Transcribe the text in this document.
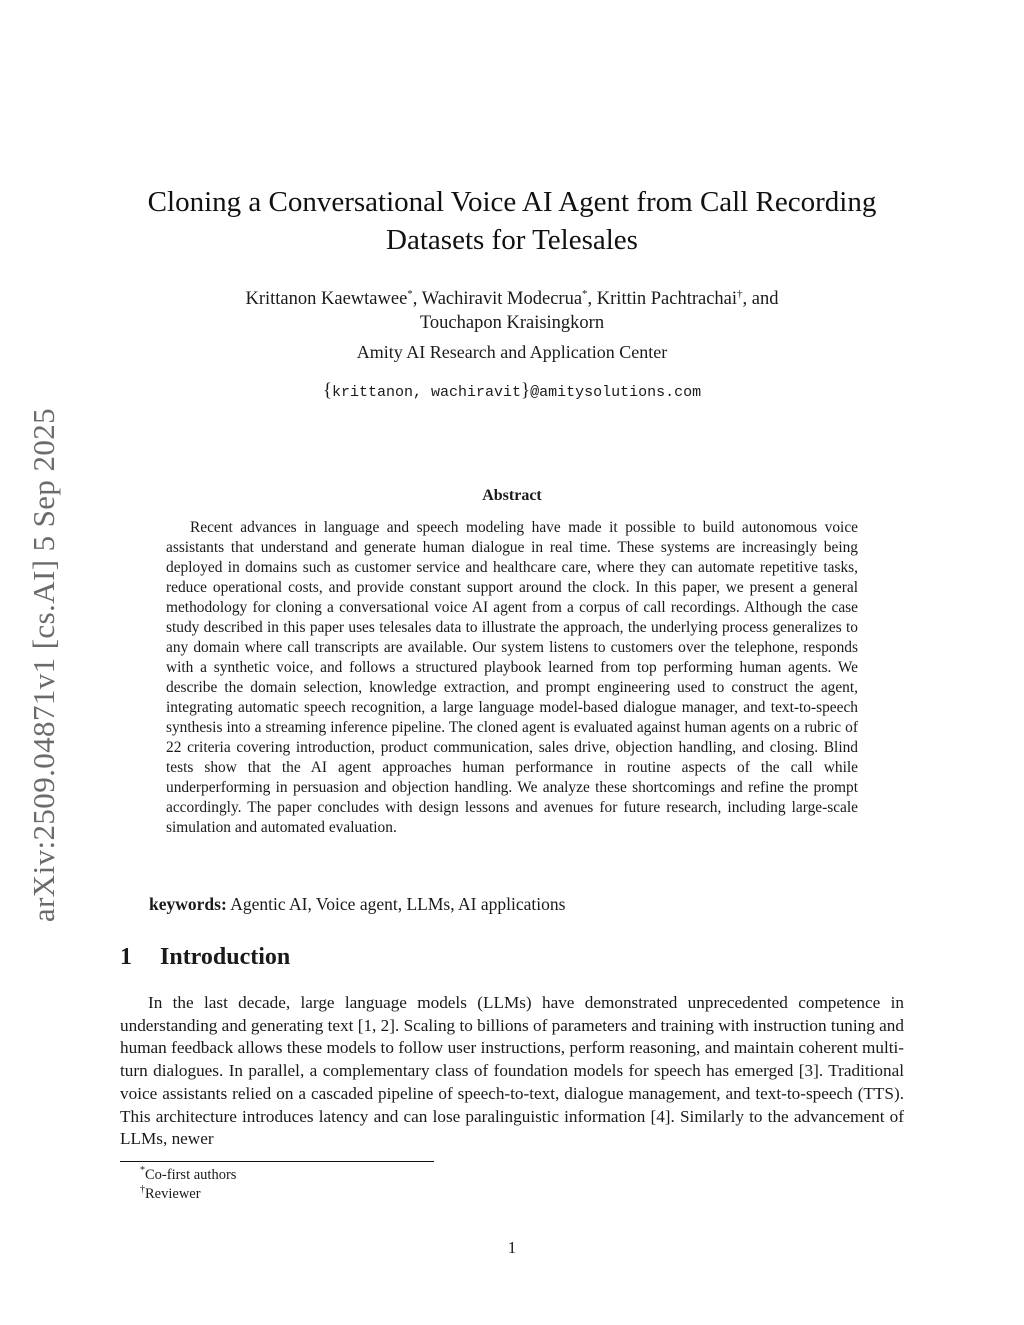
arXiv:2509.04871v1 [cs.AI] 5 Sep 2025
Cloning a Conversational Voice AI Agent from Call Recording Datasets for Telesales
Krittanon Kaewtawee*, Wachiravit Modecrua*, Krittin Pachtrachai†, and
Touchapon Kraisingkorn
Amity AI Research and Application Center
{krittanon, wachiravit}@amitysolutions.com
Abstract

Recent advances in language and speech modeling have made it possible to build autonomous voice assistants that understand and generate human dialogue in real time. These systems are increasingly being deployed in domains such as customer service and healthcare care, where they can automate repetitive tasks, reduce operational costs, and provide constant support around the clock. In this paper, we present a general methodology for cloning a conversational voice AI agent from a corpus of call recordings. Although the case study described in this paper uses telesales data to illustrate the approach, the underlying process generalizes to any domain where call transcripts are available. Our system listens to customers over the telephone, responds with a synthetic voice, and follows a structured playbook learned from top performing human agents. We describe the domain selection, knowledge extraction, and prompt engineering used to construct the agent, integrating automatic speech recognition, a large language model-based dialogue manager, and text-to-speech synthesis into a streaming inference pipeline. The cloned agent is evaluated against human agents on a rubric of 22 criteria covering introduction, product communication, sales drive, objection handling, and closing. Blind tests show that the AI agent approaches human performance in routine aspects of the call while underperforming in persuasion and objection handling. We analyze these shortcomings and refine the prompt accordingly. The paper concludes with design lessons and avenues for future research, including large-scale simulation and automated evaluation.

keywords: Agentic AI, Voice agent, LLMs, AI applications
1 Introduction

In the last decade, large language models (LLMs) have demonstrated unprecedented competence in understanding and generating text [1, 2]. Scaling to billions of parameters and training with instruction tuning and human feedback allows these models to follow user instructions, perform reasoning, and maintain coherent multi-turn dialogues. In parallel, a complementary class of foundation models for speech has emerged [3]. Traditional voice assistants relied on a cascaded pipeline of speech-to-text, dialogue management, and text-to-speech (TTS). This architecture introduces latency and can lose paralinguistic information [4]. Similarly to the advancement of LLMs, newer

*Co-first authors
†Reviewer
1
